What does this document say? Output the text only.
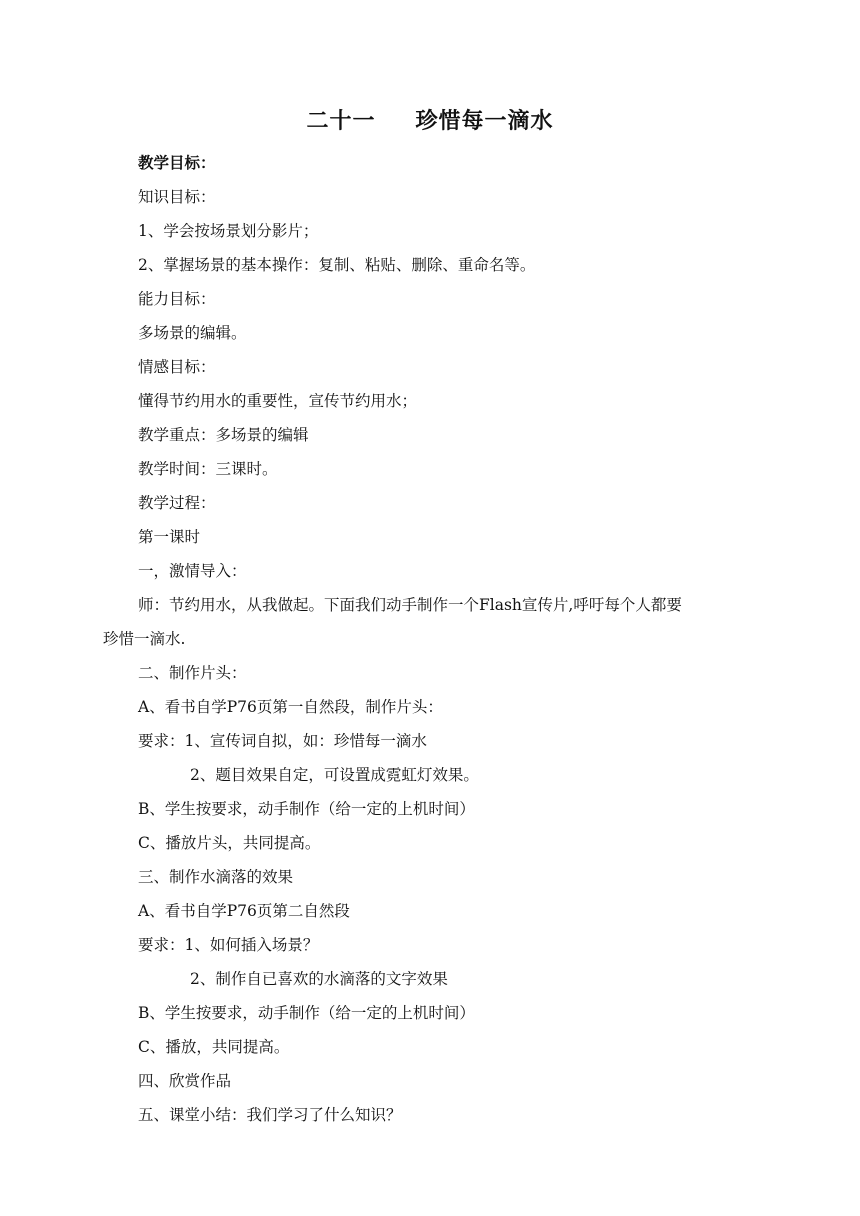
二十一 珍惜每一滴水
教学目标：
知识目标：
1、学会按场景划分影片；
2、掌握场景的基本操作：复制、粘贴、删除、重命名等。
能力目标：
多场景的编辑。
情感目标：
懂得节约用水的重要性，宣传节约用水；
教学重点：多场景的编辑
教学时间：三课时。
教学过程：
第一课时
一，激情导入：
师：节约用水，从我做起。下面我们动手制作一个Flash宣传片,呼吁每个人都要
珍惜一滴水.
二、制作片头：
A、看书自学P76页第一自然段，制作片头：
要求：1、宣传词自拟，如：珍惜每一滴水
2、题目效果自定，可设置成霓虹灯效果。
B、学生按要求，动手制作（给一定的上机时间）
C、播放片头，共同提高。
三、制作水滴落的效果
A、看书自学P76页第二自然段
要求：1、如何插入场景？
2、制作自已喜欢的水滴落的文字效果
B、学生按要求，动手制作（给一定的上机时间）
C、播放，共同提高。
四、欣赏作品
五、课堂小结：我们学习了什么知识？
